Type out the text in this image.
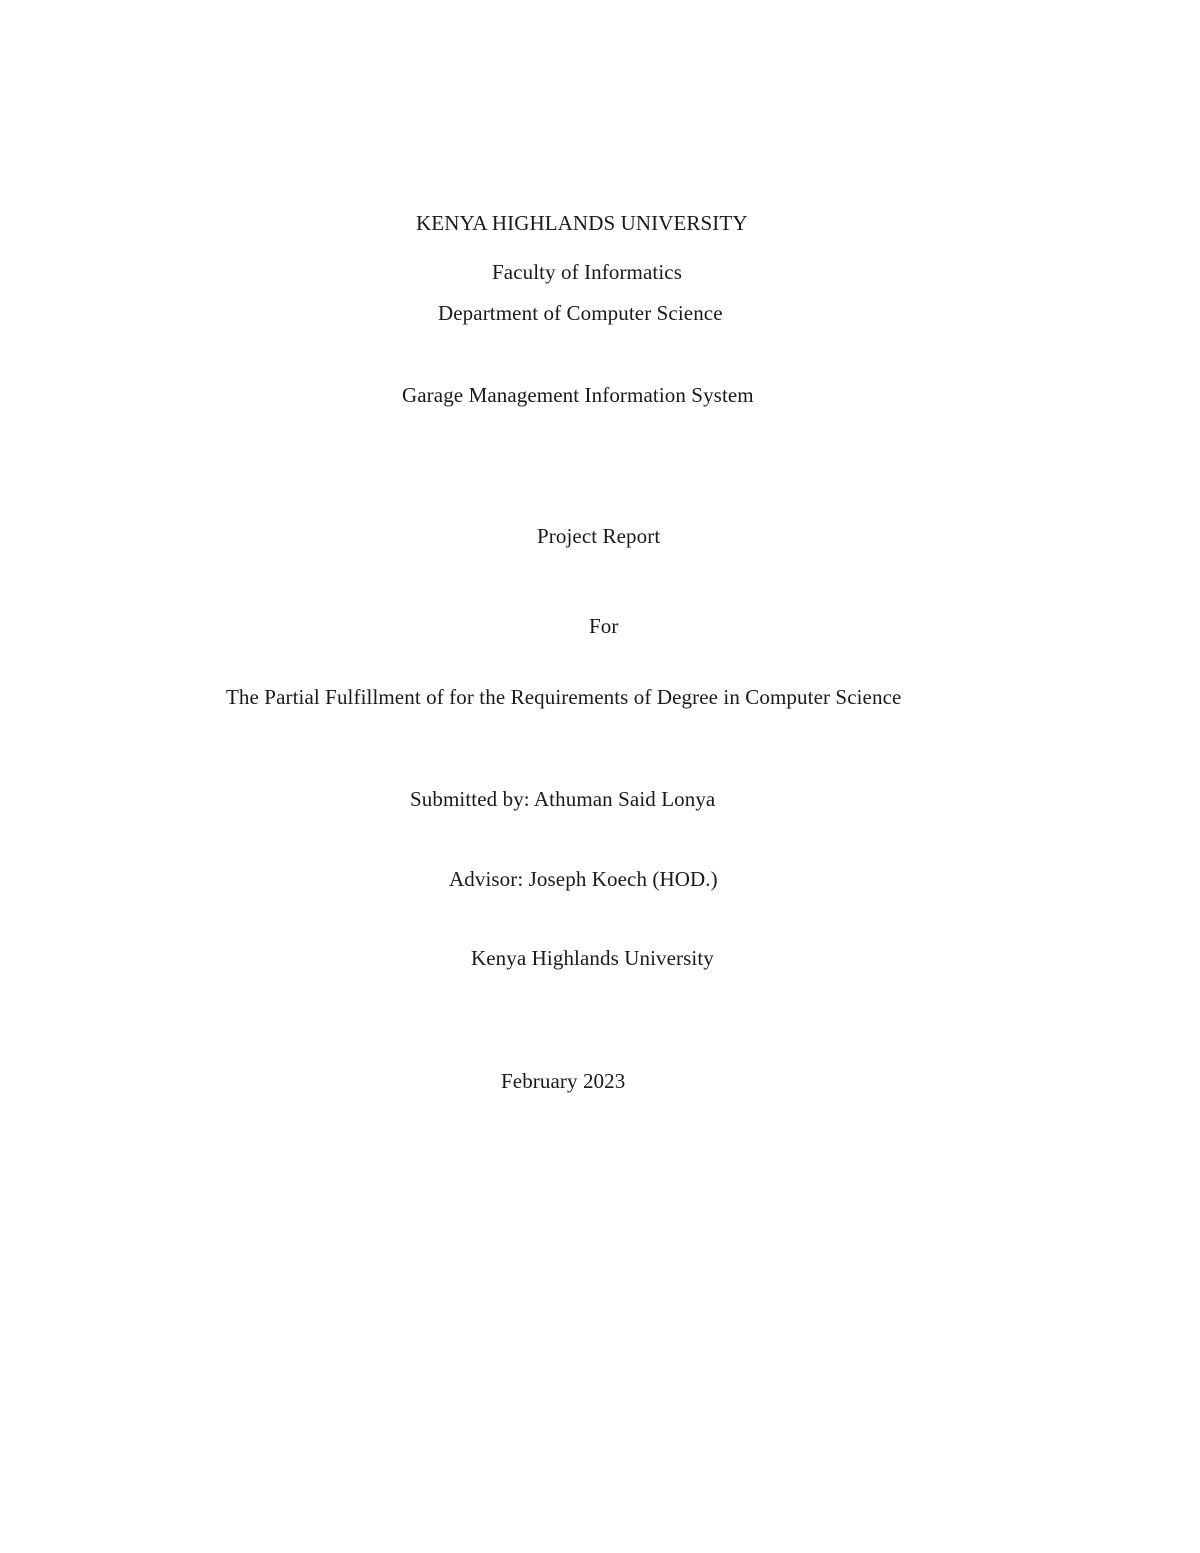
KENYA HIGHLANDS UNIVERSITY
Faculty of Informatics
Department of Computer Science
Garage Management Information System
Project Report
For
The Partial Fulfillment of for the Requirements of Degree in Computer Science
Submitted by: Athuman Said Lonya
Advisor: Joseph Koech (HOD.)
Kenya Highlands University
February 2023
